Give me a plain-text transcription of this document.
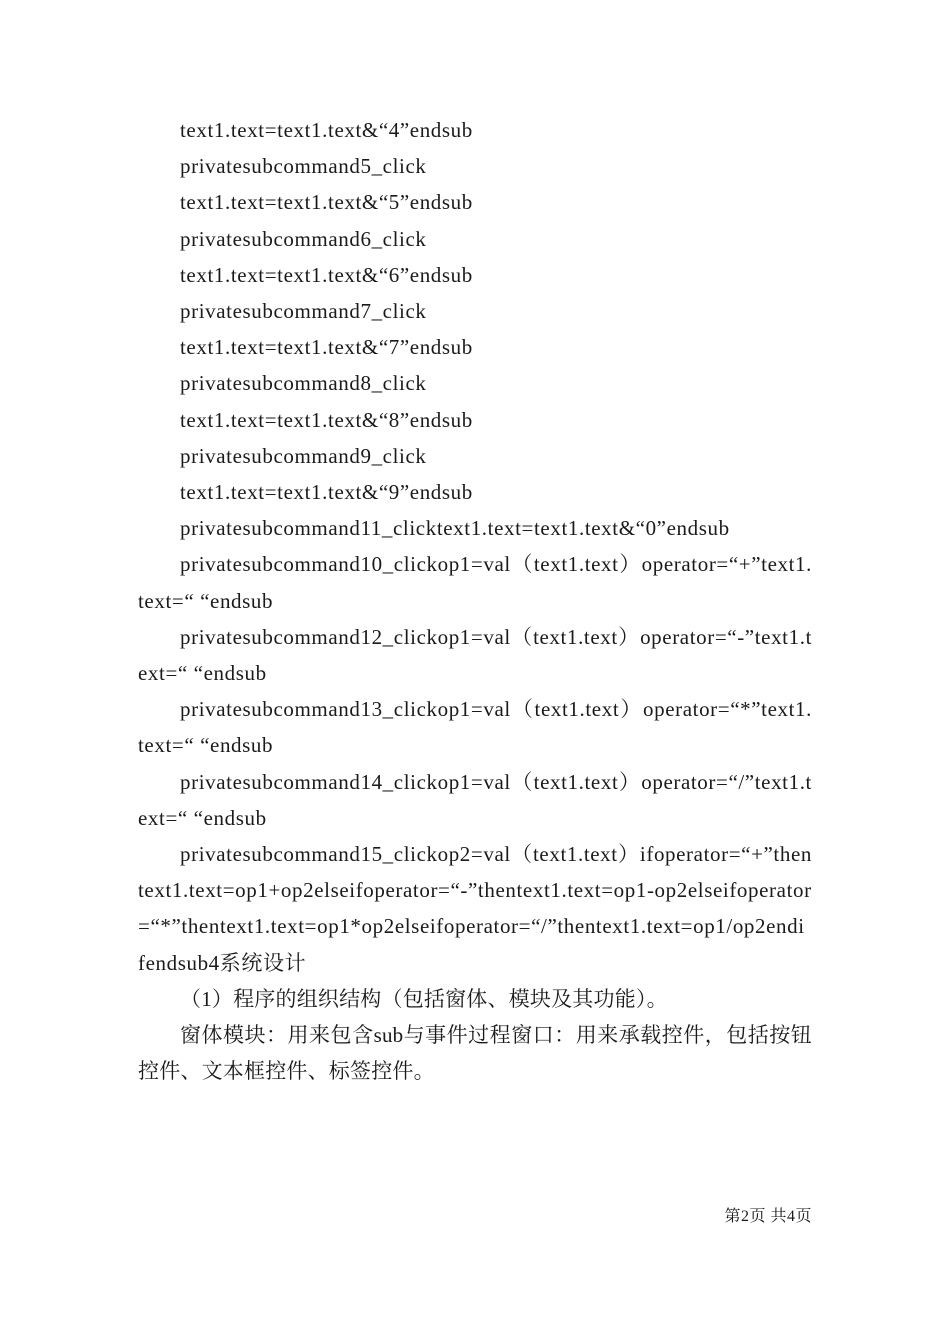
text1.text=text1.text&“4”endsub

privatesubcommand5_click

text1.text=text1.text&“5”endsub

privatesubcommand6_click

text1.text=text1.text&“6”endsub

privatesubcommand7_click

text1.text=text1.text&“7”endsub

privatesubcommand8_click

text1.text=text1.text&“8”endsub

privatesubcommand9_click

text1.text=text1.text&“9”endsub

privatesubcommand11_clicktext1.text=text1.text&“0”endsub

privatesubcommand10_clickop1=val（text1.text）operator=“+”text1.text=“ “endsub

privatesubcommand12_clickop1=val（text1.text）operator=“-”text1.text=“ “endsub

privatesubcommand13_clickop1=val（text1.text）operator=“*”text1.text=“ “endsub

privatesubcommand14_clickop1=val（text1.text）operator=“/”text1.text=“ “endsub

privatesubcommand15_clickop2=val（text1.text）ifoperator=“+”thentext1.text=op1+op2elseifoperator=“-”thentext1.text=op1-op2elseifoperator=“*”thentext1.text=op1*op2elseifoperator=“/”thentext1.text=op1/op2endifendsub4系统设计

（1）程序的组织结构（包括窗体、模块及其功能）。

窗体模块：用来包含sub与事件过程窗口：用来承载控件，包括按钮控件、文本框控件、标签控件。

第2页 共4页
